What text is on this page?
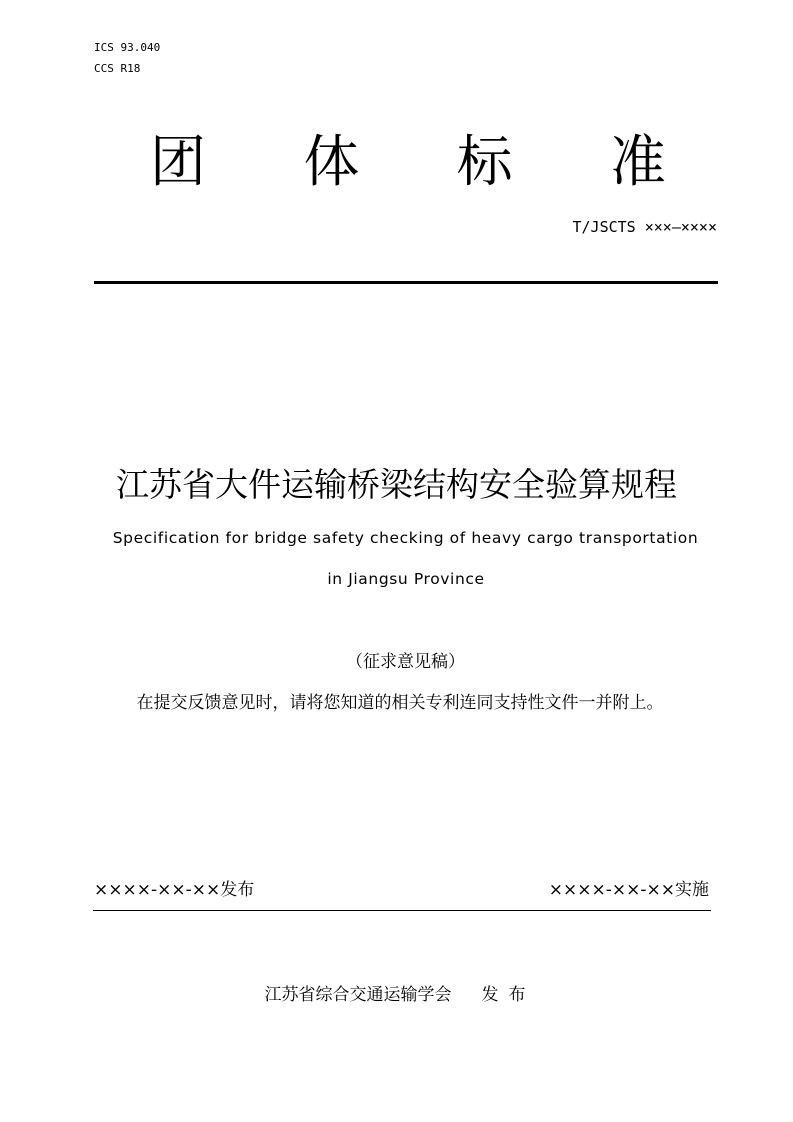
ICS 93.040
CCS R18
团 体 标 准
T/JSCTS ×××—××××
江苏省大件运输桥梁结构安全验算规程
Specification for bridge safety checking of heavy cargo transportation
in Jiangsu Province
（征求意见稿）
在提交反馈意见时，请将您知道的相关专利连同支持性文件一并附上。
××××-××-××发布	××××-××-××实施
江苏省综合交通运输学会 发布
